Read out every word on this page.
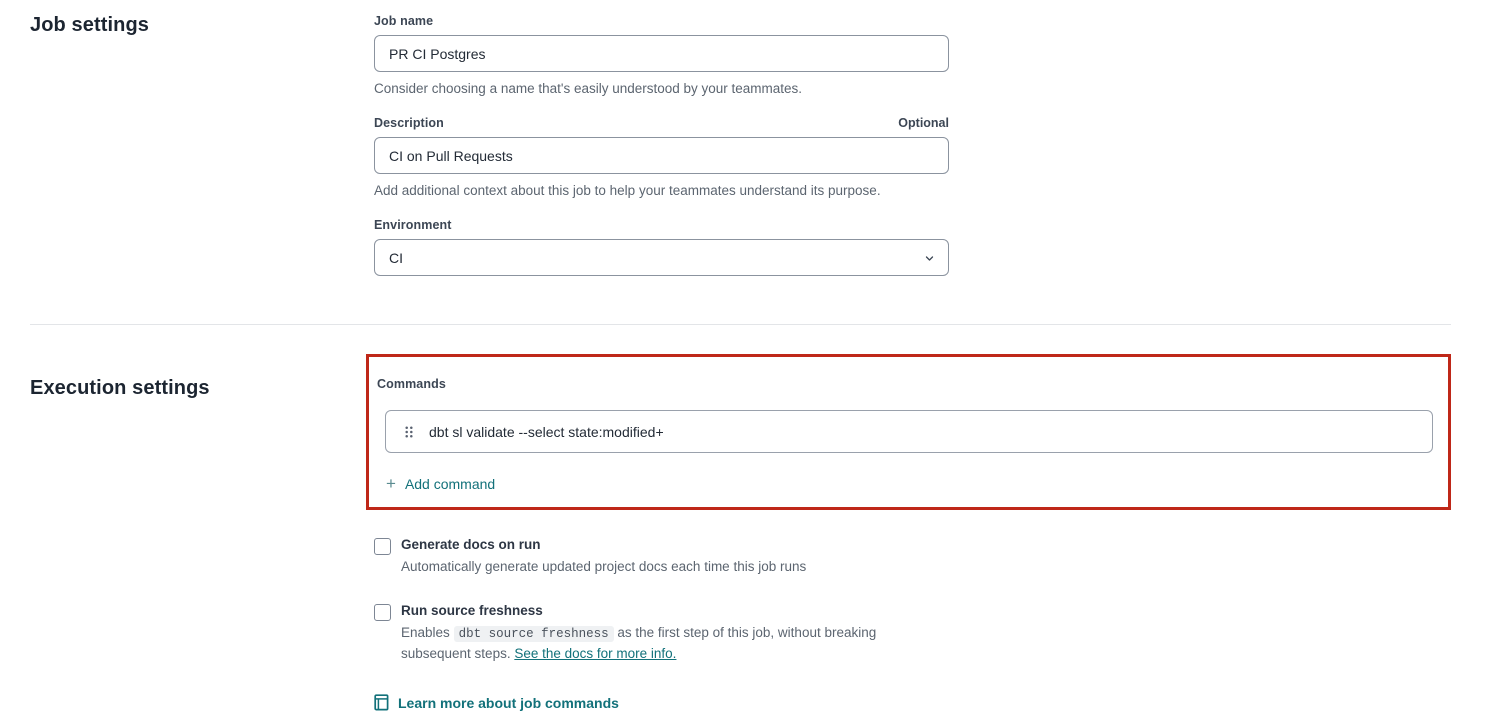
Job settings	Job name
PR CI Postgres
Consider choosing a name that's easily understood by your teammates.
Description	Optional
CI on Pull Requests
Add additional context about this job to help your teammates understand its purpose.
Environment
CI
Execution settings	Commands
dbt sl validate --select state:modified+
+ Add command
Generate docs on run
Automatically generate updated project docs each time this job runs
Run source freshness
Enables dbt source freshness as the first step of this job, without breaking subsequent steps. See the docs for more info.
Learn more about job commands
